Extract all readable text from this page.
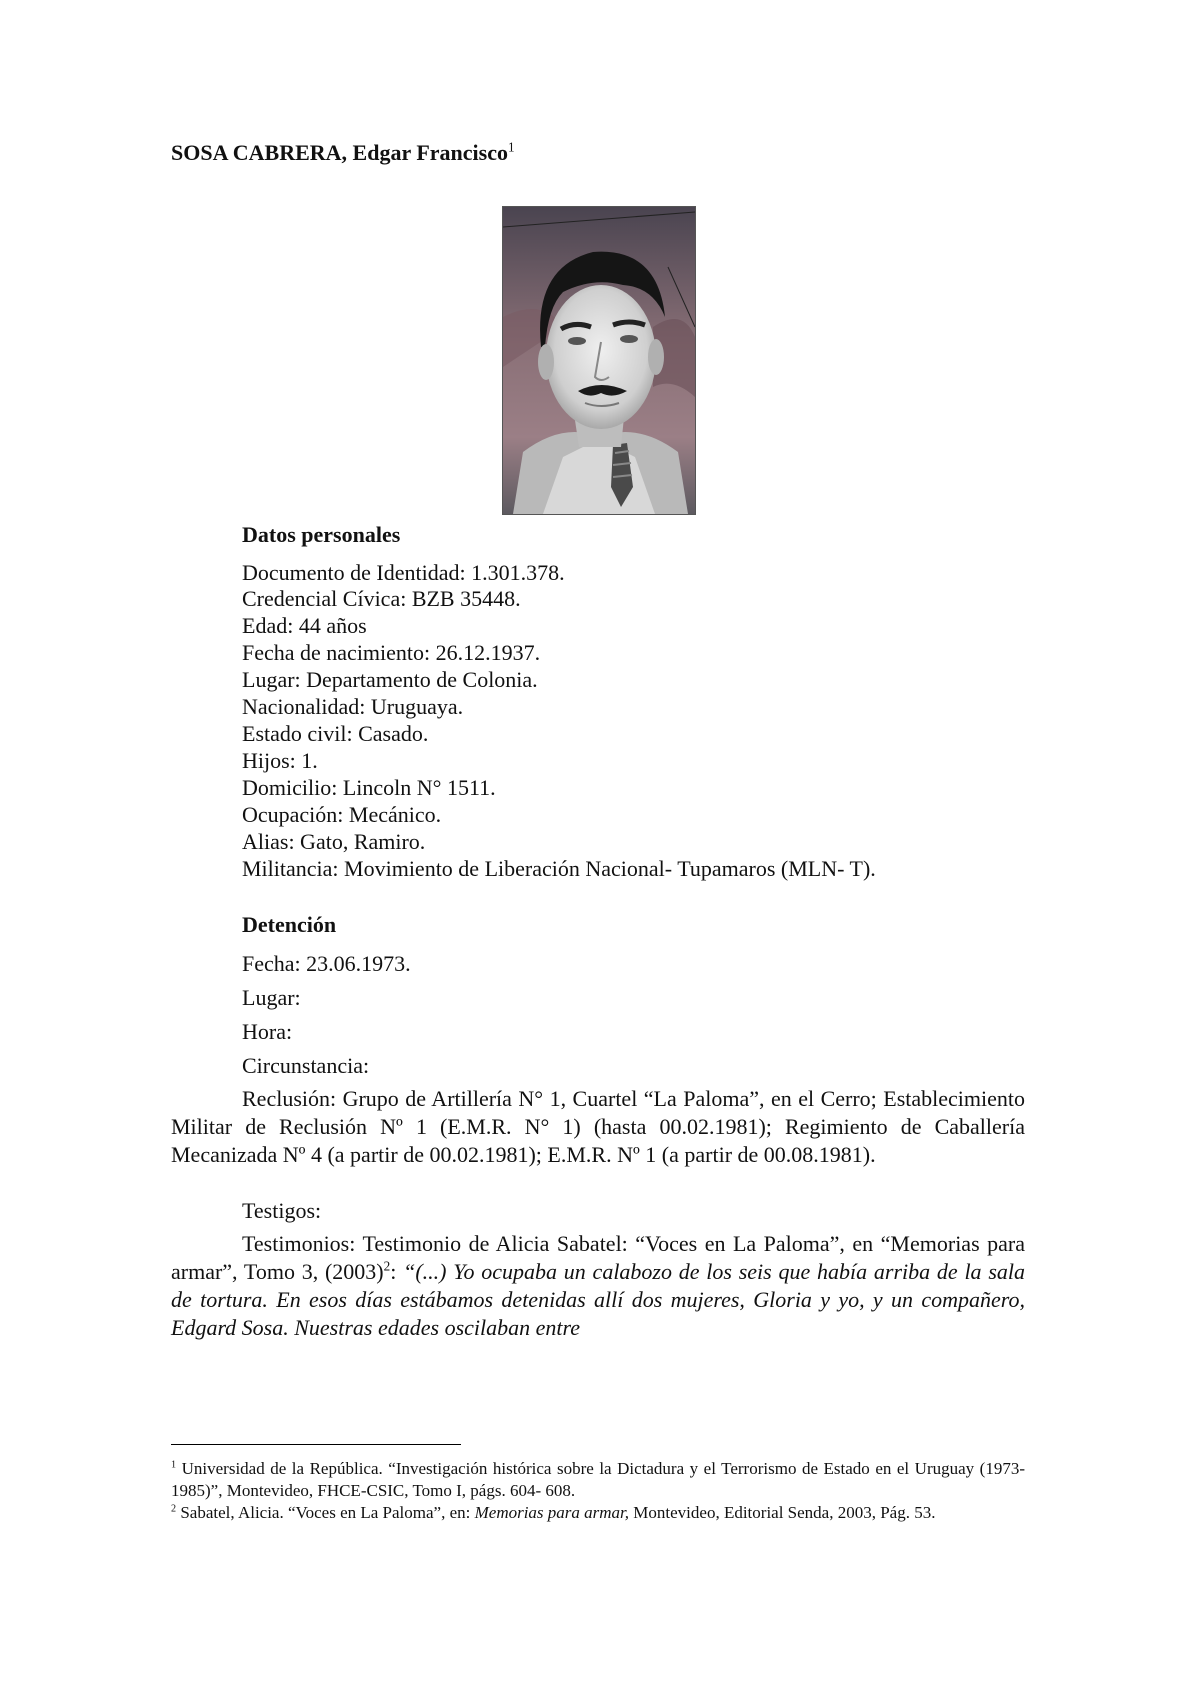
SOSA CABRERA, Edgar Francisco$^1$
Datos personales
Documento de Identidad: 1.301.378.
Credencial Cívica: BZB 35448.
Edad: 44 años
Fecha de nacimiento: 26.12.1937.
Lugar: Departamento de Colonia.
Nacionalidad: Uruguaya.
Estado civil: Casado.
Hijos: 1.
Domicilio: Lincoln N° 1511.
Ocupación: Mecánico.
Alias: Gato, Ramiro.
Militancia: Movimiento de Liberación Nacional- Tupamaros (MLN- T).
Detención
Fecha: 23.06.1973.
Lugar:
Hora:
Circunstancia:
Reclusión: Grupo de Artillería N° 1, Cuartel “La Paloma”, en el Cerro; Establecimiento Militar de Reclusión Nº 1 (E.M.R. N° 1) (hasta 00.02.1981); Regimiento de Caballería Mecanizada Nº 4 (a partir de 00.02.1981); E.M.R. Nº 1 (a partir de 00.08.1981).
Testigos:
Testimonios: Testimonio de Alicia Sabatel: “Voces en La Paloma”, en “Memorias para armar”, Tomo 3, $(2003)^2$: “(...) Yo ocupaba un calabozo de los seis que había arriba de la sala de tortura. En esos días estábamos detenidas allí dos mujeres, Gloria y yo, y un compañero, Edgard Sosa. Nuestras edades oscilaban entre
$^1$ Universidad de la República. “Investigación histórica sobre la Dictadura y el Terrorismo de Estado en el Uruguay (1973-1985)”, Montevideo, FHCE-CSIC, Tomo I, págs. 604- 608.
$^2$ Sabatel, Alicia. “Voces en La Paloma”, en: Memorias para armar, Montevideo, Editorial Senda, 2003, Pág. 53.
